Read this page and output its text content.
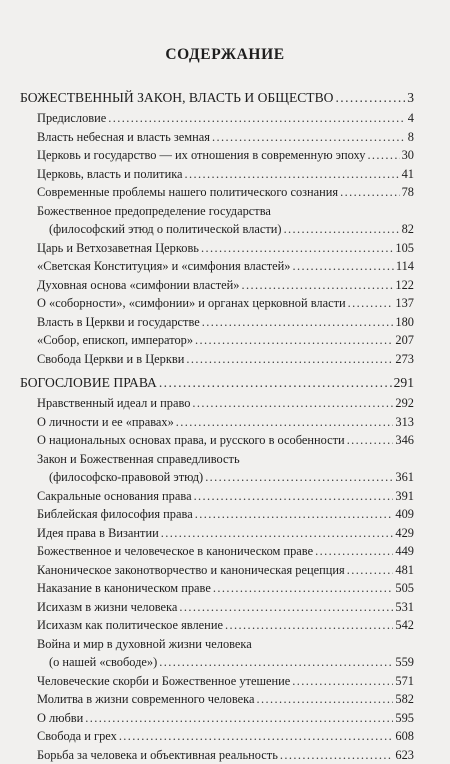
СОДЕРЖАНИЕ
БОЖЕСТВЕННЫЙ ЗАКОН, ВЛАСТЬ И ОБЩЕСТВО .....	3
Предисловие .....	4
Власть небесная и власть земная .....	8
Церковь и государство — их отношения в современную эпоху .....	30
Церковь, власть и политика .....	41
Современные проблемы нашего политического сознания .....	78
Божественное предопределение государства
(философский этюд о политической власти) .....	82
Царь и Ветхозаветная Церковь .....	105
«Светская Конституция» и «симфония властей» .....	114
Духовная основа «симфонии властей» .....	122
О «соборности», «симфонии» и органах церковной власти .....	137
Власть в Церкви и государстве .....	180
«Собор, епископ, император» .....	207
Свобода Церкви и в Церкви .....	273
БОГОСЛОВИЕ ПРАВА .....	291
Нравственный идеал и право .....	292
О личности и ее «правах» .....	313
О национальных основах права, и русского в особенности .....	346
Закон и Божественная справедливость
(философско-правовой этюд) .....	361
Сакральные основания права .....	391
Библейская философия права .....	409
Идея права в Византии .....	429
Божественное и человеческое в каноническом праве .....	449
Каноническое законотворчество и каноническая рецепция .....	481
Наказание в каноническом праве .....	505
Исихазм в жизни человека .....	531
Исихазм как политическое явление .....	542
Война и мир в духовной жизни человека
(о нашей «свободе») .....	559
Человеческие скорби и Божественное утешение .....	571
Молитва в жизни современного человека .....	582
О любви .....	595
Свобода и грех .....	608
Борьба за человека и объективная реальность .....	623
